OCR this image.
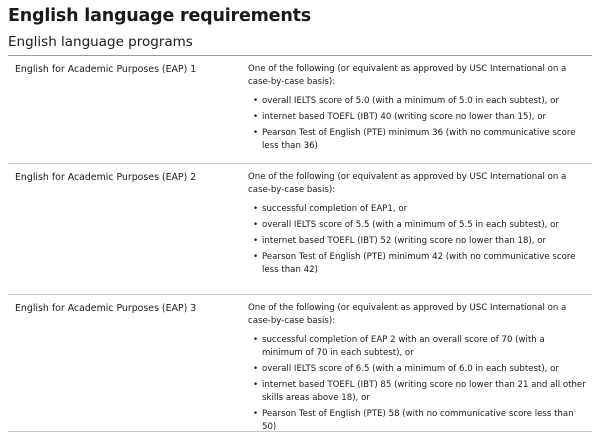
English language requirements
English language programs
English for Academic Purposes (EAP) 1	One of the following (or equivalent as approved by USC International on a case-by-case basis):

• overall IELTS score of 5.0 (with a minimum of 5.0 in each subtest), or
• internet based TOEFL (IBT) 40 (writing score no lower than 15), or
• Pearson Test of English (PTE) minimum 36 (with no communicative score less than 36)
English for Academic Purposes (EAP) 2	One of the following (or equivalent as approved by USC International on a case-by-case basis):

• successful completion of EAP1, or
• overall IELTS score of 5.5 (with a minimum of 5.5 in each subtest), or
• internet based TOEFL (IBT) 52 (writing score no lower than 18), or
• Pearson Test of English (PTE) minimum 42 (with no communicative score less than 42)
English for Academic Purposes (EAP) 3	One of the following (or equivalent as approved by USC International on a case-by-case basis):

• successful completion of EAP 2 with an overall score of 70 (with a minimum of 70 in each subtest), or
• overall IELTS score of 6.5 (with a minimum of 6.0 in each subtest), or
• internet based TOEFL (IBT) 85 (writing score no lower than 21 and all other skills areas above 18), or
• Pearson Test of English (PTE) 58 (with no communicative score less than 50)
